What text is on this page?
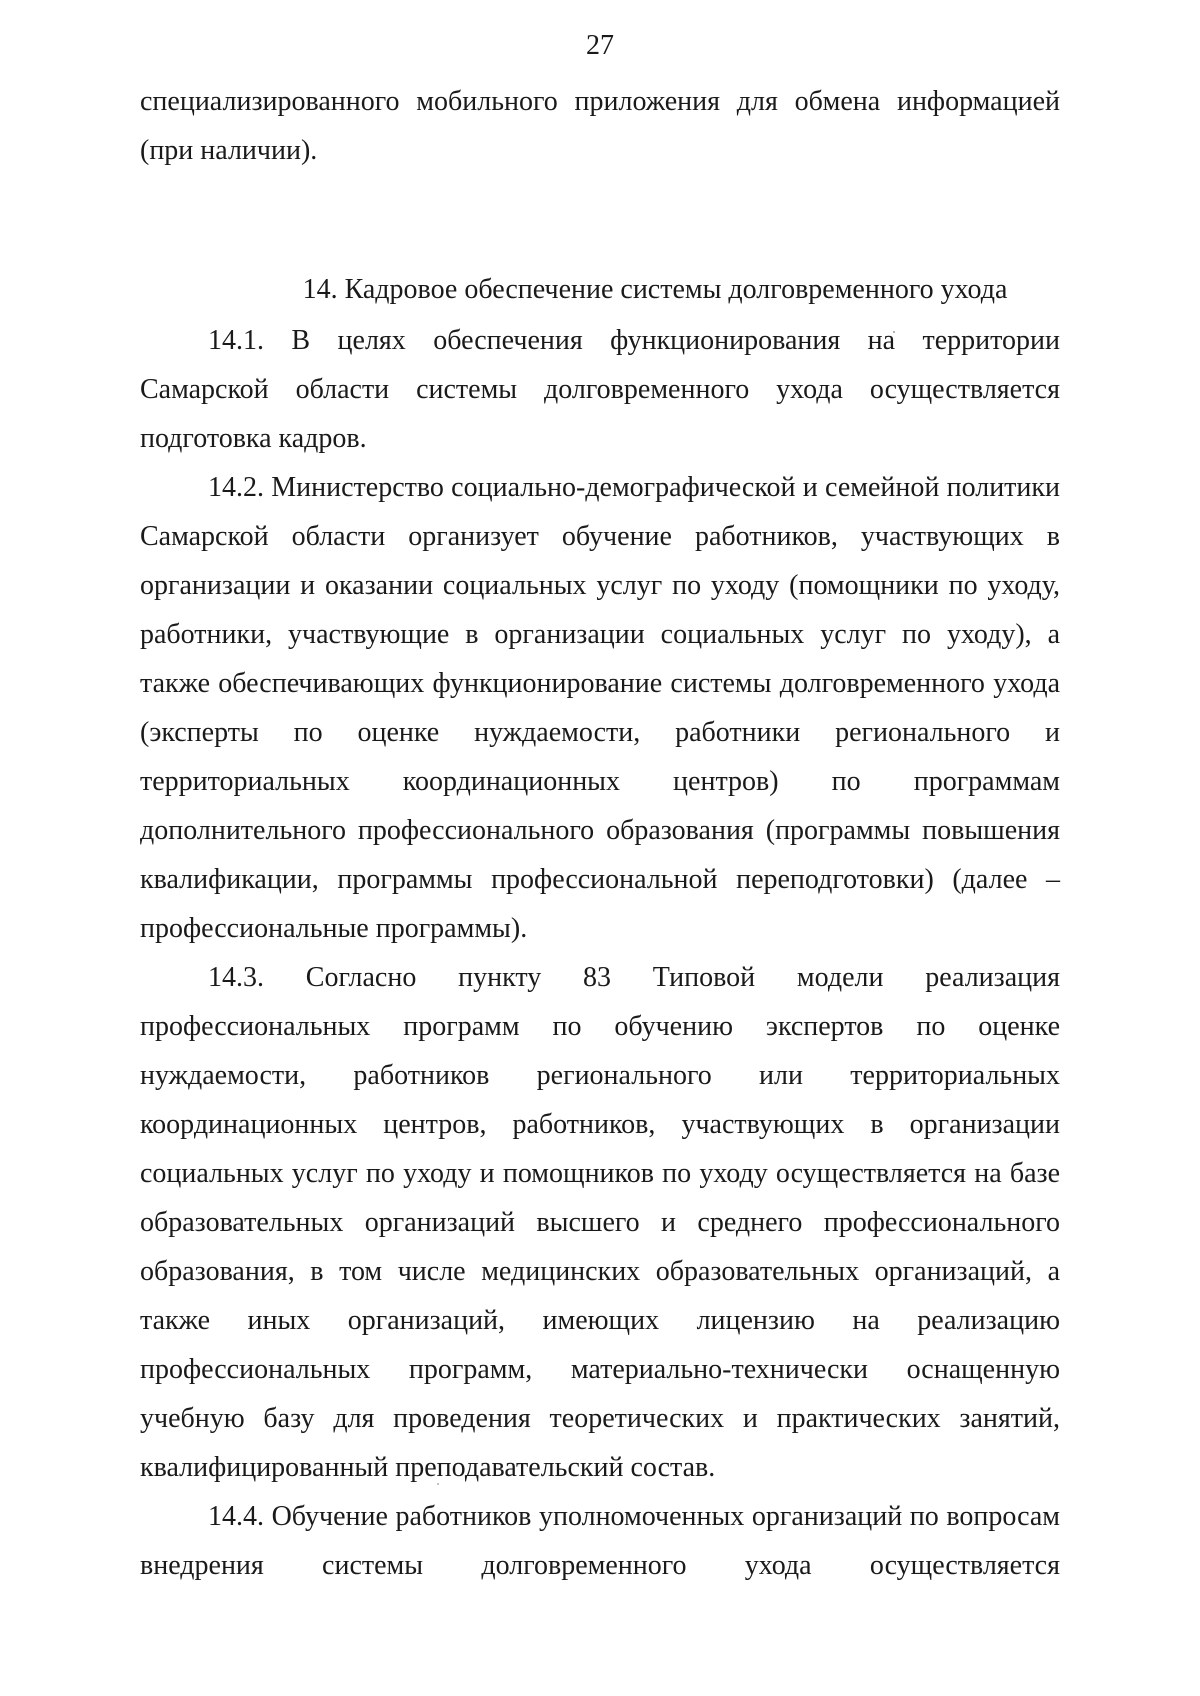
27

специализированного мобильного приложения для обмена информацией (при наличии).

14. Кадровое обеспечение системы долговременного ухода

14.1. В целях обеспечения функционирования на территории Самарской области системы долговременного ухода осуществляется подготовка кадров.

14.2. Министерство социально-демографической и семейной политики Самарской области организует обучение работников, участвующих в организации и оказании социальных услуг по уходу (помощники по уходу, работники, участвующие в организации социальных услуг по уходу), а также обеспечивающих функционирование системы долговременного ухода (эксперты по оценке нуждаемости, работники регионального и территориальных координационных центров) по программам дополнительного профессионального образования (программы повышения квалификации, программы профессиональной переподготовки) (далее – профессиональные программы).

14.3. Согласно пункту 83 Типовой модели реализация профессиональных программ по обучению экспертов по оценке нуждаемости, работников регионального или территориальных координационных центров, работников, участвующих в организации социальных услуг по уходу и помощников по уходу осуществляется на базе образовательных организаций высшего и среднего профессионального образования, в том числе медицинских образовательных организаций, а также иных организаций, имеющих лицензию на реализацию профессиональных программ, материально-технически оснащенную учебную базу для проведения теоретических и практических занятий, квалифицированный преподавательский состав.

14.4. Обучение работников уполномоченных организаций по вопросам внедрения системы долговременного ухода осуществляется
